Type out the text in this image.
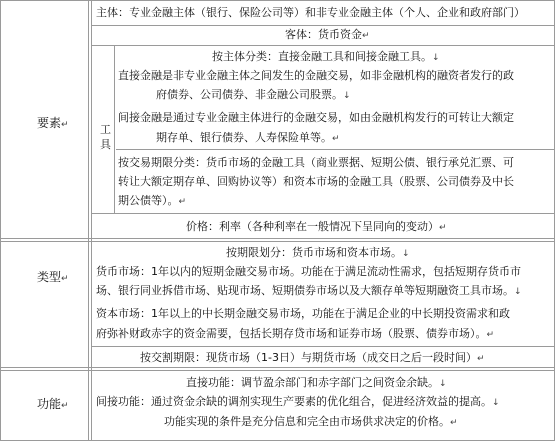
要素↵
类型↵
功能↵
主体：专业金融主体（银行、保险公司等）和非专业金融主体（个人、企业和政府部门）
客体：货币资金↵
工具
按主体分类：直接金融工具和间接金融工具。↓
直接金融是非专业金融主体之间发生的金融交易，如非金融机构的融资者发行的政
府债券、公司债券、非金融公司股票。↓
间接金融是通过专业金融主体进行的金融交易，如由金融机构发行的可转让大额定
期存单、银行债券、人寿保险单等。↵
按交易期限分类：货币市场的金融工具（商业票据、短期公债、银行承兑汇票、可
转让大额定期存单、回购协议等）和资本市场的金融工具（股票、公司债券及中长
期公债等）。↵
价格：利率（各种利率在一般情况下呈同向的变动）↵
按期限划分：货币市场和资本市场。↓
货币市场：1年以内的短期金融交易市场。功能在于满足流动性需求，包括短期存货币市
场、银行同业拆借市场、贴现市场、短期债券市场以及大额存单等短期融资工具市场。↓
资本市场：1年以上的中长期金融交易市场，功能在于满足企业的中长期投资需求和政
府弥补财政赤字的资金需要，包括长期存贷市场和证券市场（股票、债券市场）。↵
按交割期限：现货市场（1-3日）与期货市场（成交日之后一段时间）↵
直接功能：调节盈余部门和赤字部门之间资金余缺。↓
间接功能：通过资金余缺的调剂实现生产要素的优化组合，促进经济效益的提高。↓
功能实现的条件是充分信息和完全由市场供求决定的价格。↵
